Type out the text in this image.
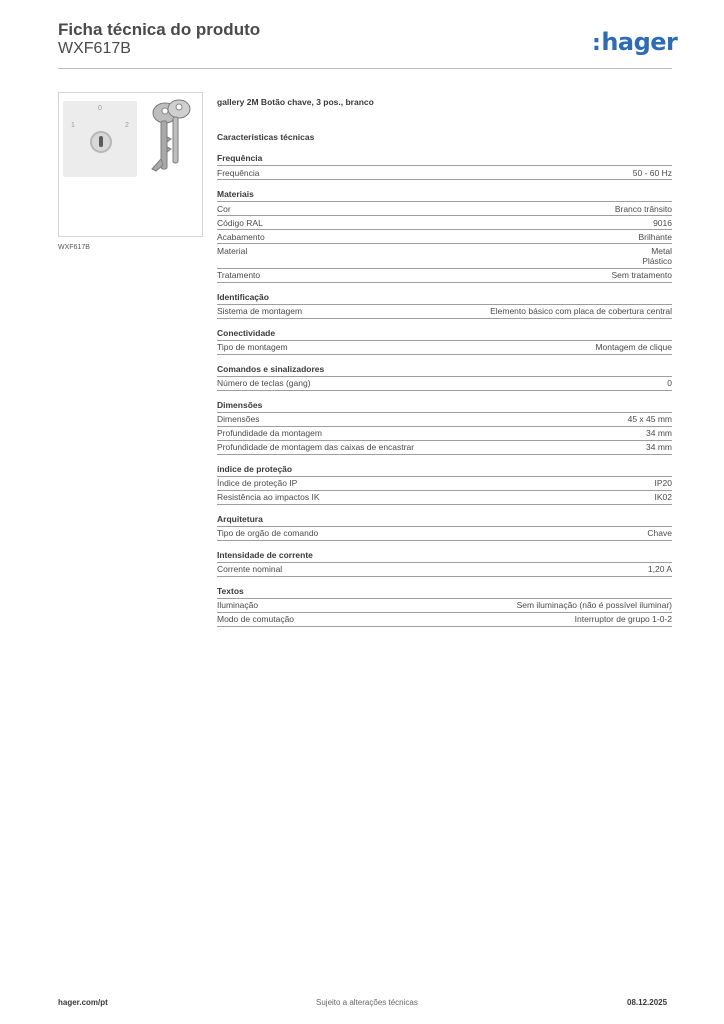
Ficha técnica do produto
WXF617B	:hager
0
1	2
WXF617B
gallery 2M Botão chave, 3 pos., branco
Características técnicas
Frequência
Frequência	50 - 60 Hz
Materiais
Cor	Branco trânsito
Código RAL	9016
Acabamento	Brilhante
Material	Metal
Plástico
Tratamento	Sem tratamento
Identificação
Sistema de montagem	Elemento básico com placa de cobertura central
Conectividade
Tipo de montagem	Montagem de clique
Comandos e sinalizadores
Número de teclas (gang)	0
Dimensões
Dimensões	45 x 45 mm
Profundidade da montagem	34 mm
Profundidade de montagem das caixas de encastrar	34 mm
índice de proteção
Índice de proteção IP	IP20
Resistência ao impactos IK	IK02
Arquitetura
Tipo de orgão de comando	Chave
Intensidade de corrente
Corrente nominal	1,20 A
Textos
Iluminação	Sem iluminação (não é possível iluminar)
Modo de comutação	Interruptor de grupo 1-0-2
hager.com/pt	Sujeito a alterações técnicas	08.12.2025
